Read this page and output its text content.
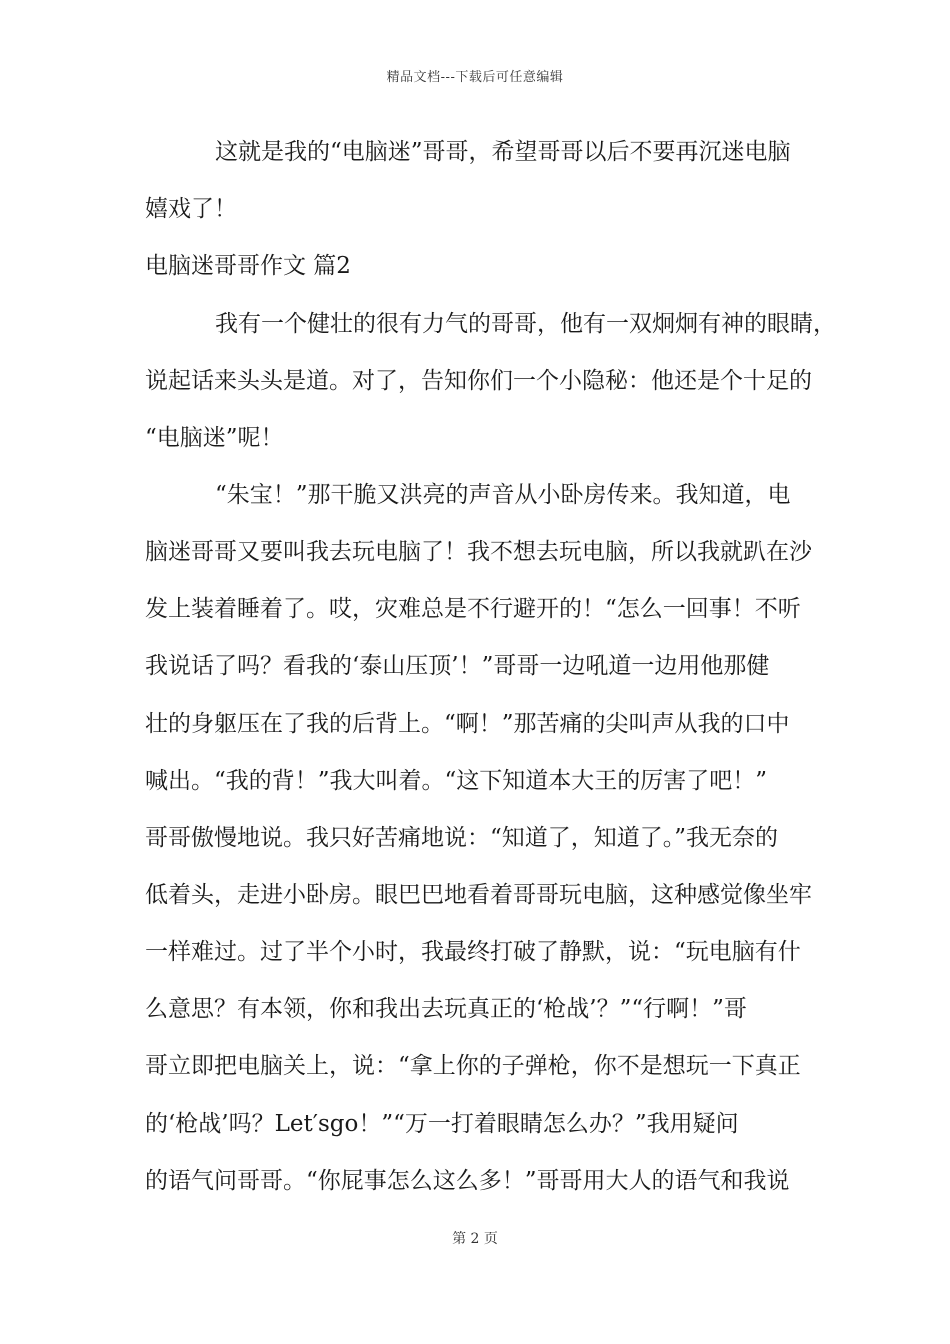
精品文档---下载后可任意编辑
这就是我的“电脑迷”哥哥，希望哥哥以后不要再沉迷电脑
嬉戏了！
电脑迷哥哥作文 篇2
我有一个健壮的很有力气的哥哥，他有一双炯炯有神的眼睛，
说起话来头头是道。对了，告知你们一个小隐秘：他还是个十足的
“电脑迷”呢！
“朱宝！”那干脆又洪亮的声音从小卧房传来。我知道，电
脑迷哥哥又要叫我去玩电脑了！我不想去玩电脑，所以我就趴在沙
发上装着睡着了。哎，灾难总是不行避开的！“怎么一回事！不听
我说话了吗？看我的‘泰山压顶’！”哥哥一边吼道一边用他那健
壮的身躯压在了我的后背上。“啊！”那苦痛的尖叫声从我的口中
喊出。“我的背！”我大叫着。“这下知道本大王的厉害了吧！”
哥哥傲慢地说。我只好苦痛地说：“知道了，知道了。”我无奈的
低着头，走进小卧房。眼巴巴地看着哥哥玩电脑，这种感觉像坐牢
一样难过。过了半个小时，我最终打破了静默，说：“玩电脑有什
么意思？有本领，你和我出去玩真正的‘枪战’？”“行啊！”哥
哥立即把电脑关上，说：“拿上你的子弹枪，你不是想玩一下真正
的‘枪战’吗？Let′sgo！”“万一打着眼睛怎么办？”我用疑问
的语气问哥哥。“你屁事怎么这么多！”哥哥用大人的语气和我说
第 2 页
